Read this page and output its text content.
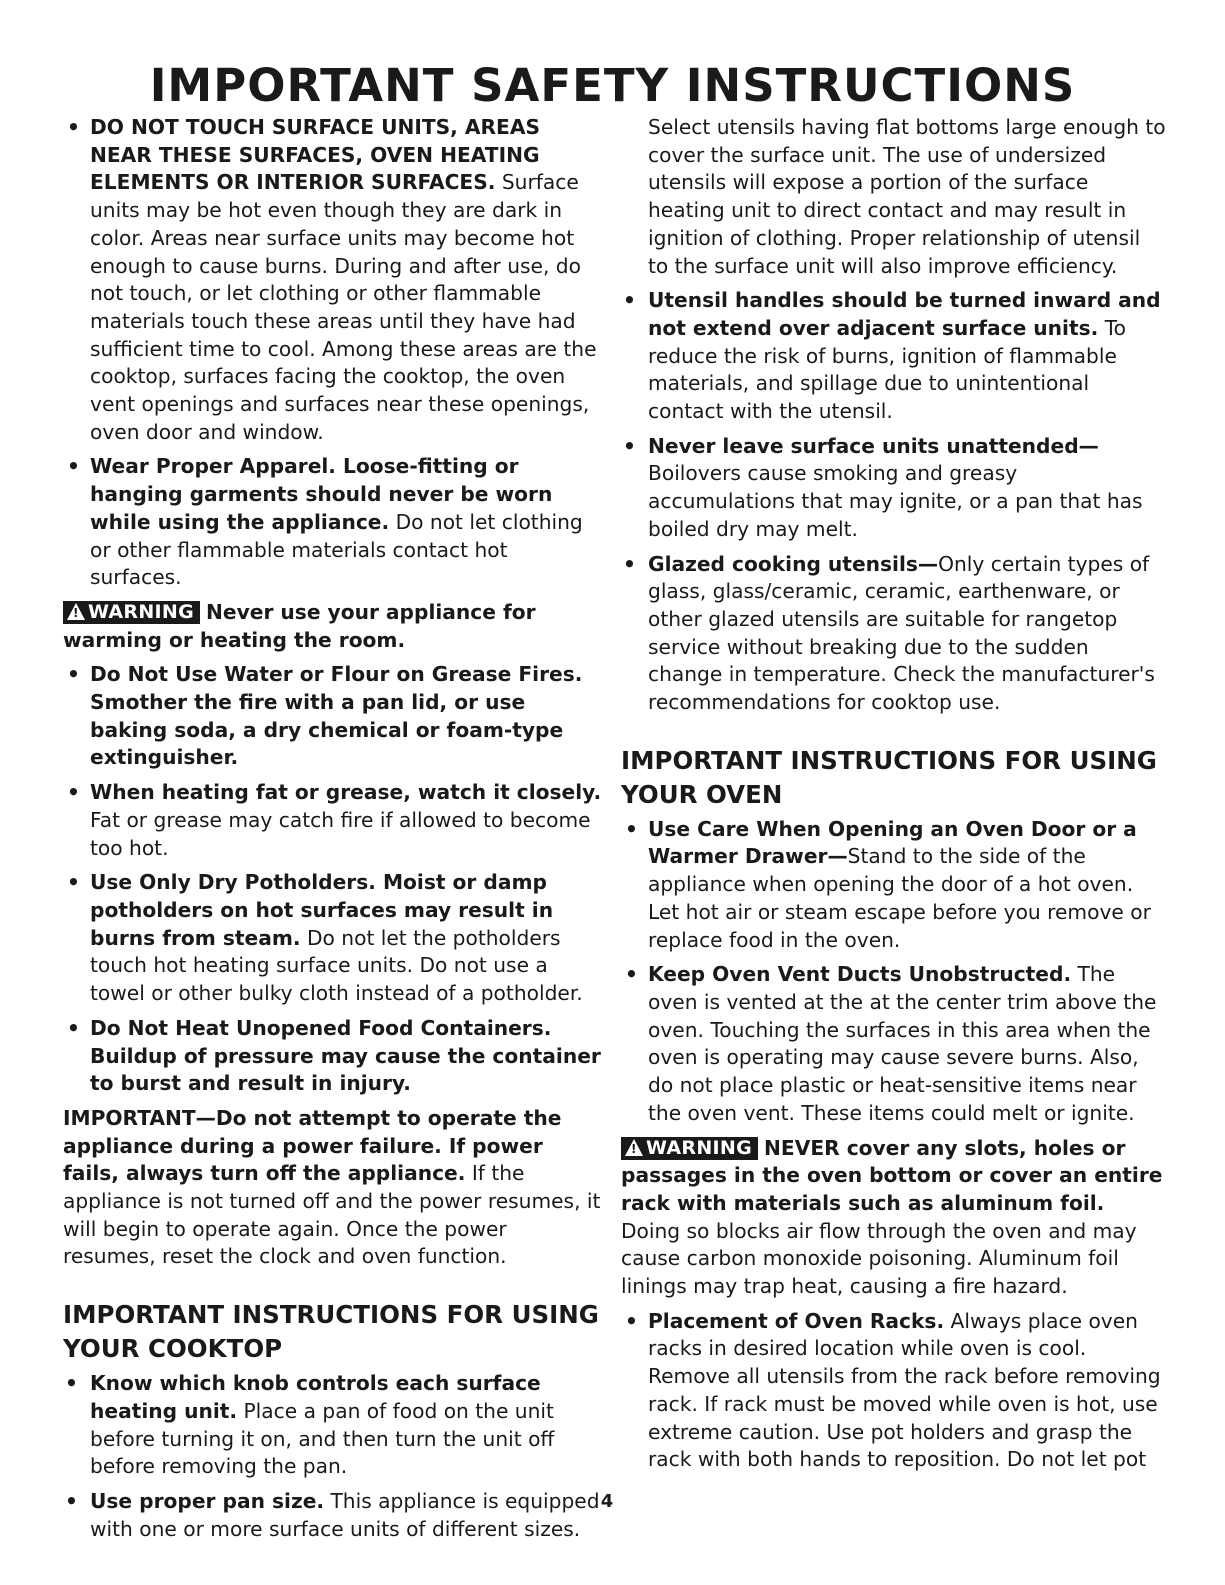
IMPORTANT SAFETY INSTRUCTIONS
• DO NOT TOUCH SURFACE UNITS, AREAS NEAR THESE SURFACES, OVEN HEATING ELEMENTS OR INTERIOR SURFACES. Surface units may be hot even though they are dark in color. Areas near surface units may become hot enough to cause burns. During and after use, do not touch, or let clothing or other flammable materials touch these areas until they have had sufficient time to cool. Among these areas are the cooktop, surfaces facing the cooktop, the oven vent openings and surfaces near these openings, oven door and window.
• Wear Proper Apparel. Loose-fitting or hanging garments should never be worn while using the appliance. Do not let clothing or other flammable materials contact hot surfaces.

!WARNING Never use your appliance for warming or heating the room.

• Do Not Use Water or Flour on Grease Fires. Smother the fire with a pan lid, or use baking soda, a dry chemical or foam-type extinguisher.
• When heating fat or grease, watch it closely. Fat or grease may catch fire if allowed to become too hot.
• Use Only Dry Potholders. Moist or damp potholders on hot surfaces may result in burns from steam. Do not let the potholders touch hot heating surface units. Do not use a towel or other bulky cloth instead of a potholder.
• Do Not Heat Unopened Food Containers. Buildup of pressure may cause the container to burst and result in injury.

IMPORTANT—Do not attempt to operate the appliance during a power failure. If power fails, always turn off the appliance. If the appliance is not turned off and the power resumes, it will begin to operate again. Once the power resumes, reset the clock and oven function.

IMPORTANT INSTRUCTIONS FOR USING YOUR COOKTOP
• Know which knob controls each surface heating unit. Place a pan of food on the unit before turning it on, and then turn the unit off before removing the pan.
• Use proper pan size. This appliance is equipped with one or more surface units of different sizes.
Select utensils having flat bottoms large enough to cover the surface unit. The use of undersized utensils will expose a portion of the surface heating unit to direct contact and may result in ignition of clothing. Proper relationship of utensil to the surface unit will also improve efficiency.
• Utensil handles should be turned inward and not extend over adjacent surface units. To reduce the risk of burns, ignition of flammable materials, and spillage due to unintentional contact with the utensil.
• Never leave surface units unattended—
Boilovers cause smoking and greasy accumulations that may ignite, or a pan that has boiled dry may melt.
• Glazed cooking utensils—Only certain types of glass, glass/ceramic, ceramic, earthenware, or other glazed utensils are suitable for rangetop service without breaking due to the sudden change in temperature. Check the manufacturer's recommendations for cooktop use.
IMPORTANT INSTRUCTIONS FOR USING YOUR OVEN
• Use Care When Opening an Oven Door or a Warmer Drawer—Stand to the side of the appliance when opening the door of a hot oven. Let hot air or steam escape before you remove or replace food in the oven.
• Keep Oven Vent Ducts Unobstructed. The oven is vented at the at the center trim above the oven. Touching the surfaces in this area when the oven is operating may cause severe burns. Also, do not place plastic or heat-sensitive items near the oven vent. These items could melt or ignite.

!WARNING NEVER cover any slots, holes or passages in the oven bottom or cover an entire rack with materials such as aluminum foil. Doing so blocks air flow through the oven and may cause carbon monoxide poisoning. Aluminum foil linings may trap heat, causing a fire hazard.

• Placement of Oven Racks. Always place oven racks in desired location while oven is cool. Remove all utensils from the rack before removing rack. If rack must be moved while oven is hot, use extreme caution. Use pot holders and grasp the rack with both hands to reposition. Do not let pot
4
